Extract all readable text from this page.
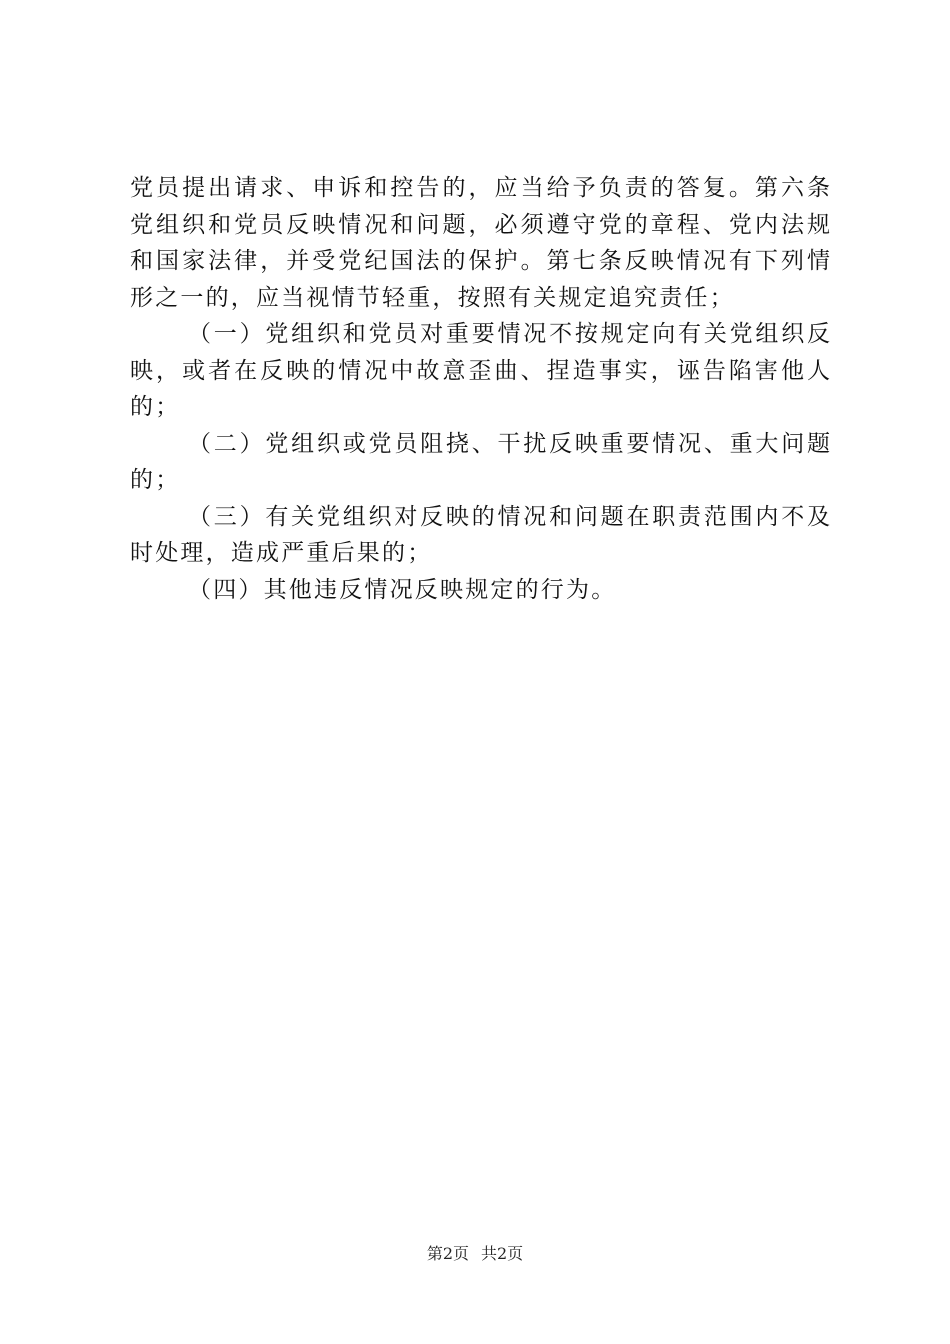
党员提出请求、申诉和控告的，应当给予负责的答复。第六条
党组织和党员反映情况和问题，必须遵守党的章程、党内法规
和国家法律，并受党纪国法的保护。第七条反映情况有下列情
形之一的，应当视情节轻重，按照有关规定追究责任；
（一）党组织和党员对重要情况不按规定向有关党组织反
映，或者在反映的情况中故意歪曲、捏造事实，诬告陷害他人
的；
（二）党组织或党员阻挠、干扰反映重要情况、重大问题
的；
（三）有关党组织对反映的情况和问题在职责范围内不及
时处理，造成严重后果的；
（四）其他违反情况反映规定的行为。
第2页 共2页
